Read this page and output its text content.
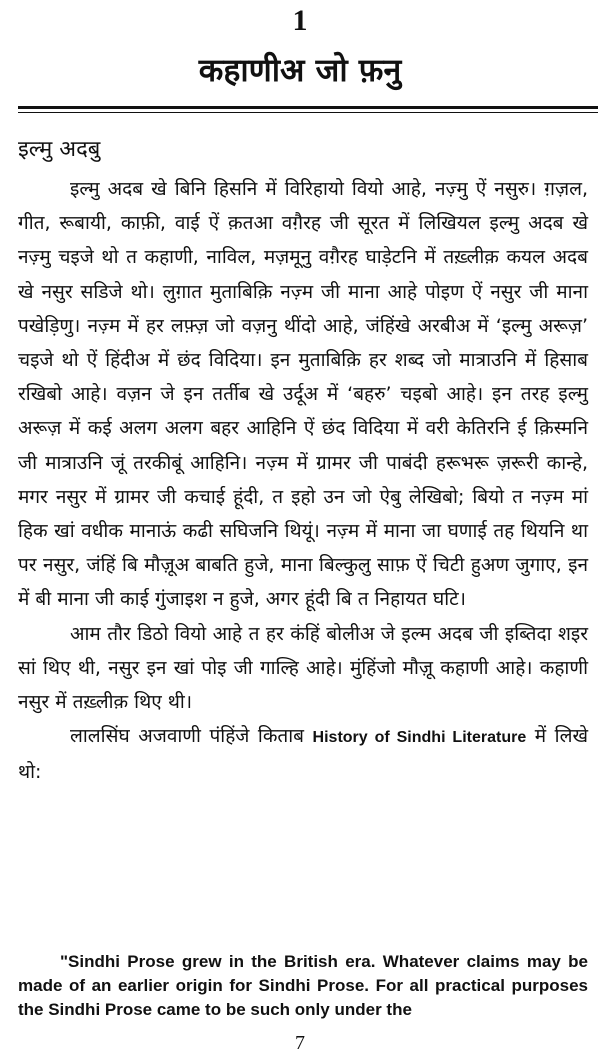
1
कहाणीअ जो फ़नु
इल्मु अदबु

इल्मु अदब खे बिनि हिसनि में विरिहायो वियो आहे, नज़्मु ऐं नसुरु। ग़ज़ल, गीत, रूबायी, काफ़ी, वाई ऐं क़तआ वग़ैरह जी सूरत में लिखियल इल्मु अदब खे नज़्मु चइजे थो त कहाणी, नाविल, मज़मूनु वग़ैरह घाड़ेटनि में तख़्लीक़ कयल अदब खे नसुर सडिजे थो। लुग़ात मुताबिक़ि नज़्म जी माना आहे पोइण ऐं नसुर जी माना पखेड़िणु। नज़्म में हर लफ़्ज़ जो वज़नु थींदो आहे, जंहिंखे अरबीअ में ‘इल्मु अरूज़’ चइजे थो ऐं हिंदीअ में छंद विदिया। इन मुताबिक़ि हर शब्द जो मात्राउनि में हिसाब रखिबो आहे। वज़न जे इन तर्तीब खे उर्दूअ में ‘बहरु’ चइबो आहे। इन तरह इल्मु अरूज़ में कई अलग अलग बहर आहिनि ऐं छंद विदिया में वरी केतिरनि ई क़िस्मनि जी मात्राउनि जूं तरकीबूं आहिनि। नज़्म में ग्रामर जी पाबंदी हरूभरू ज़रूरी कान्हे, मगर नसुर में ग्रामर जी कचाई हूंदी, त इहो उन जो ऐबु लेखिबो; बियो त नज़्म मां हिक खां वधीक मानाऊं कढी सघिजनि थियूं। नज़्म में माना जा घणाई तह थियनि था पर नसुर, जंहिं बि मौज़ूअ बाबति हुजे, माना बिल्कुलु साफ़ ऐं चिटी हुअण जुगाए, इन में बी माना जी काई गुंजाइश न हुजे, अगर हूंदी बि त निहायत घटि।

आम तौर डिठो वियो आहे त हर कंहिं बोलीअ जे इल्म अदब जी इब्तिदा शइर सां थिए थी, नसुर इन खां पोइ जी गाल्हि आहे। मुंहिंजो मौज़ू कहाणी आहे। कहाणी नसुर में तख़्लीक़ थिए थी।

लालसिंघ अजवाणी पंहिंजे किताब History of Sindhi Literature में लिखे थो:

"Sindhi Prose grew in the British era. Whatever claims may be made of an earlier origin for Sindhi Prose. For all practical purposes the Sindhi Prose came to be such only under the

7
